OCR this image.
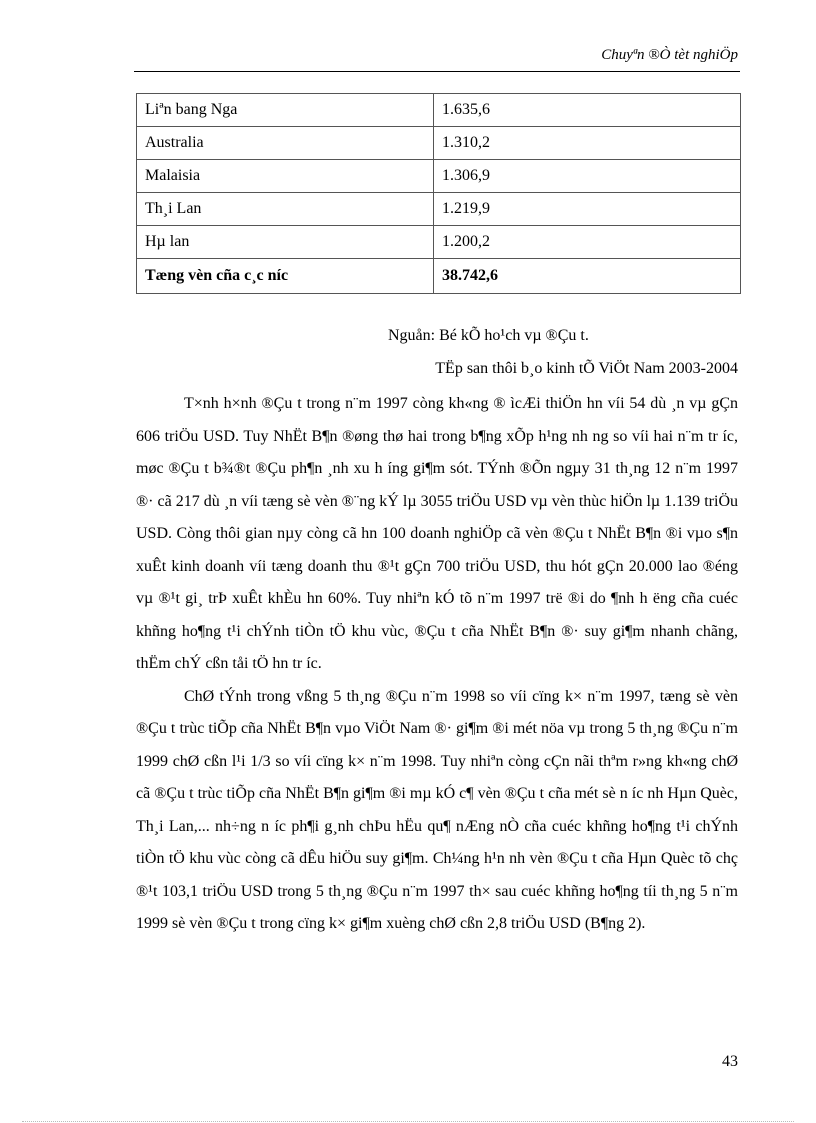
Chuyªn ®Ò tèt nghiÖp
Liªn bang Nga	1.635,6
Australia	1.310,2
Malaisia	1.306,9
Th¸i Lan	1.219,9
Hµ lan	1.200,2
Tæng vèn cña c¸c níc	38.742,6
Nguån: Bé kÕ ho¹ch vµ ®Çu t.
TËp san thôi b¸o kinh tÕ ViÖt Nam 2003-2004

T×nh h×nh ®Çu t trong n¨m 1997 còng kh«ng ® ìcÆi thiÖn hn víi 54 dù ¸n vµ gÇn 606 triÖu USD. Tuy NhËt B¶n ®øng thø hai trong b¶ng xÕp h¹ng nh ng so víi hai n¨m tr íc, møc ®Çu t b¾®t ®Çu ph¶n ¸nh xu h íng gi¶m sót. TÝnh ®Õn ngµy 31 th¸ng 12 n¨m 1997 ®· cã 217 dù ¸n víi tæng sè vèn ®¨ng kÝ lµ 3055 triÖu USD vµ vèn thùc hiÖn lµ 1.139 triÖu USD. Còng thôi gian nµy còng cã hn 100 doanh nghiÖp cã vèn ®Çu t NhËt B¶n ®i vµo s¶n xuÊt kinh doanh víi tæng doanh thu ®¹t gÇn 700 triÖu USD, thu hót gÇn 20.000 lao ®éng vµ ®¹t gi¸ trÞ xuÊt khÈu hn 60%. Tuy nhiªn kÓ tõ n¨m 1997 trë ®i do ¶nh h ëng cña cuéc khñng ho¶ng t¹i chÝnh tiÒn tÖ khu vùc, ®Çu t cña NhËt B¶n ®· suy gi¶m nhanh chãng, thËm chÝ cßn tåi tÖ hn tr íc.

ChØ tÝnh trong vßng 5 th¸ng ®Çu n¨m 1998 so víi cïng k× n¨m 1997, tæng sè vèn ®Çu t trùc tiÕp cña NhËt B¶n vµo ViÖt Nam ®· gi¶m ®i mét nöa vµ trong 5 th¸ng ®Çu n¨m 1999 chØ cßn l¹i 1/3 so víi cïng k× n¨m 1998. Tuy nhiªn còng cÇn nãi thªm r»ng kh«ng chØ cã ®Çu t trùc tiÕp cña NhËt B¶n gi¶m ®i mµ kÓ c¶ vèn ®Çu t cña mét sè n íc nh Hµn Quèc, Th¸i Lan,... nh÷ng n íc ph¶i g¸nh chÞu hËu qu¶ nÆng nÒ cña cuéc khñng ho¶ng t¹i chÝnh tiÒn tÖ khu vùc còng cã dÊu hiÖu suy gi¶m. Ch¼ng h¹n nh vèn ®Çu t cña Hµn Quèc tõ chç ®¹t 103,1 triÖu USD trong 5 th¸ng ®Çu n¨m 1997 th× sau cuéc khñng ho¶ng tíi th¸ng 5 n¨m 1999 sè vèn ®Çu t trong cïng k× gi¶m xuèng chØ cßn 2,8 triÖu USD (B¶ng 2).

43
